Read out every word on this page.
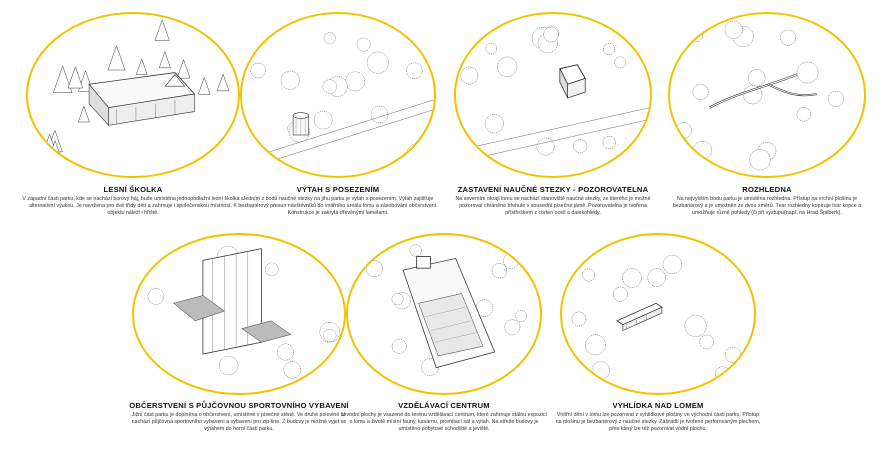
LESNÍ ŠKOLKA

V západní části parku, kde se nachází borový háj, bude umístěna jednopodlažní lesní školka s alternativní výukou. Je navržena pro dvě třídy dětí a zahrnuje i společenskou místnost. K objektu náleží i hřiště.

VÝTAH S POSEZENÍM

Jedním z bodů naučné stezky na jihu parku je výtah s posezením. Výtah zajišťuje bezbariérový přesun návštěvníků do vnitřního areálu lomu a zásobování občerstvení. Konstrukce je zakrytá dřevěnými lamelami.

ZASTAVENÍ NAUČNÉ STEZKY - POZOROVATELNA

Na severním okraji lomu se nachází stanoviště naučné stezky, ze kterého je možné pozorovat chráněné břehule v sousední písečné jámě. Pozorovatelna je tvořena přístřeškem z corten oceli a dalekohledy.

ROZHLEDNA

Na nejvyšším bodu parku je umístěna rozhledna. Přístup na vrchní plošinu je bezbariérový a je umožněn ze dvou směrů. Tvar rozhledny kopíruje tvar kopce a umožňuje různé pohledy (či při výstupu(např. na Hrad Špilberk).

OBČERSTVENÍ S PŮJČOVNOU SPORTOVNÍHO VYBAVENÍ

Jižní část parku je doplněna o občerstvení, umístěné v písečné stěně. Ve druhé polovině se nachází půjčovna sportovního vybavení a vybavení pro zip-line. Z budovy je možné vyjet se výtahem do horní části parku.

VZDĚLÁVACÍ CENTRUM

U vodní plochy je vsazené do terénu vzdělávací centrum, které zahrnuje stálou expozici o lomu a životě místní fauny, kavárnu, promítací sál a výtah. Na střeše budovy je umístěno pobytové schodiště a jeviště.

VYHLÍDKA NAD LOMEM

Vnitřní dění v lomu lze pozorovat z vyhlídkové plošiny ve východní části parku. Přístup na plošinu je bezbariérový z naučné stezky. Zábradlí je tvořeno perforovaným plechem, přes který lze též pozorovat vodní plochu.
